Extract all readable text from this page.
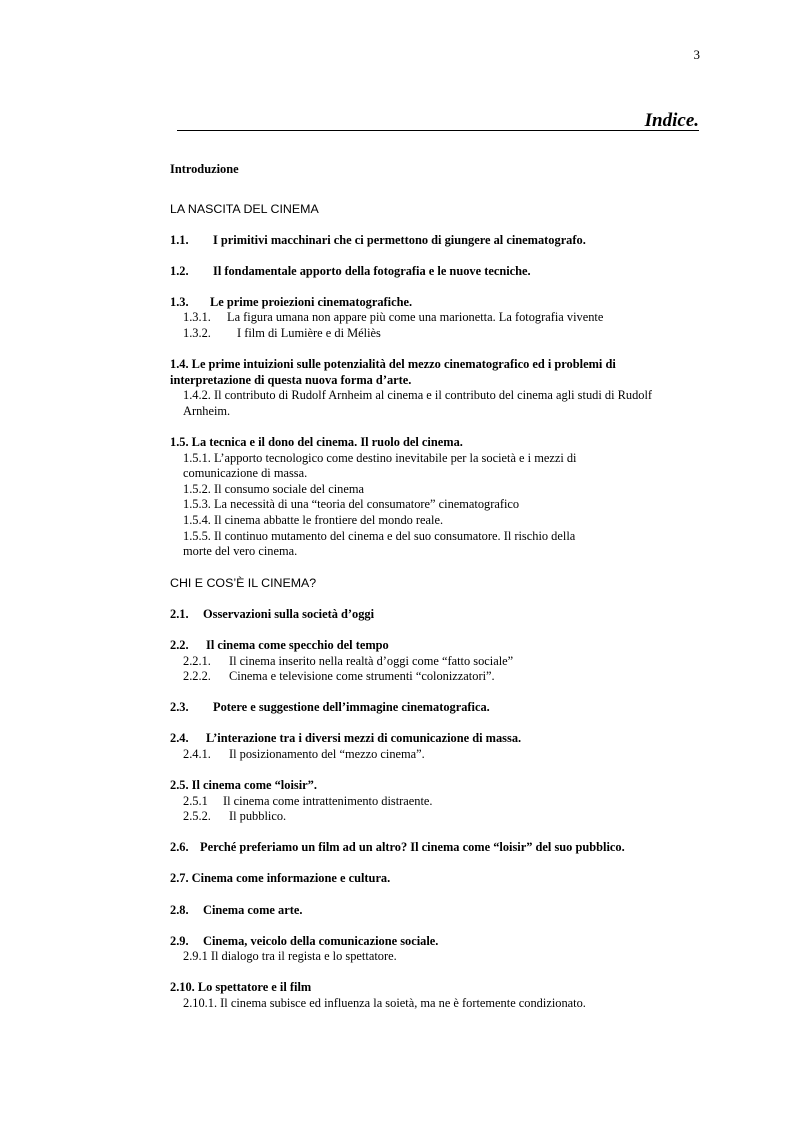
3
Indice.
Introduzione
LA NASCITA DEL CINEMA
1.1. I primitivi macchinari che ci permettono di giungere al cinematografo.
1.2. Il fondamentale apporto della fotografia e le nuove tecniche.
1.3. Le prime proiezioni cinematografiche.
1.3.1. La figura umana non appare più come una marionetta. La fotografia vivente
1.3.2. I film di Lumière e di Méliès
1.4. Le prime intuizioni sulle potenzialità del mezzo cinematografico ed i problemi di
interpretazione di questa nuova forma d’arte.
1.4.2. Il contributo di Rudolf Arnheim al cinema e il contributo del cinema agli studi di Rudolf
Arnheim.
1.5. La tecnica e il dono del cinema. Il ruolo del cinema.
1.5.1. L’apporto tecnologico come destino inevitabile per la società e i mezzi di
comunicazione di massa.
1.5.2. Il consumo sociale del cinema
1.5.3. La necessità di una “teoria del consumatore” cinematografico
1.5.4. Il cinema abbatte le frontiere del mondo reale.
1.5.5. Il continuo mutamento del cinema e del suo consumatore. Il rischio della
morte del vero cinema.
CHI E COS’È IL CINEMA?
2.1. Osservazioni sulla società d’oggi
2.2. Il cinema come specchio del tempo
2.2.1. Il cinema inserito nella realtà d’oggi come “fatto sociale”
2.2.2. Cinema e televisione come strumenti “colonizzatori”.
2.3. Potere e suggestione dell’immagine cinematografica.
2.4. L’interazione tra i diversi mezzi di comunicazione di massa.
2.4.1. Il posizionamento del “mezzo cinema”.
2.5. Il cinema come “loisir”.
2.5.1 Il cinema come intrattenimento distraente.
2.5.2. Il pubblico.
2.6. Perché preferiamo un film ad un altro? Il cinema come “loisir” del suo pubblico.
2.7. Cinema come informazione e cultura.
2.8. Cinema come arte.
2.9. Cinema, veicolo della comunicazione sociale.
2.9.1 Il dialogo tra il regista e lo spettatore.
2.10. Lo spettatore e il film
2.10.1. Il cinema subisce ed influenza la soietà, ma ne è fortemente condizionato.
